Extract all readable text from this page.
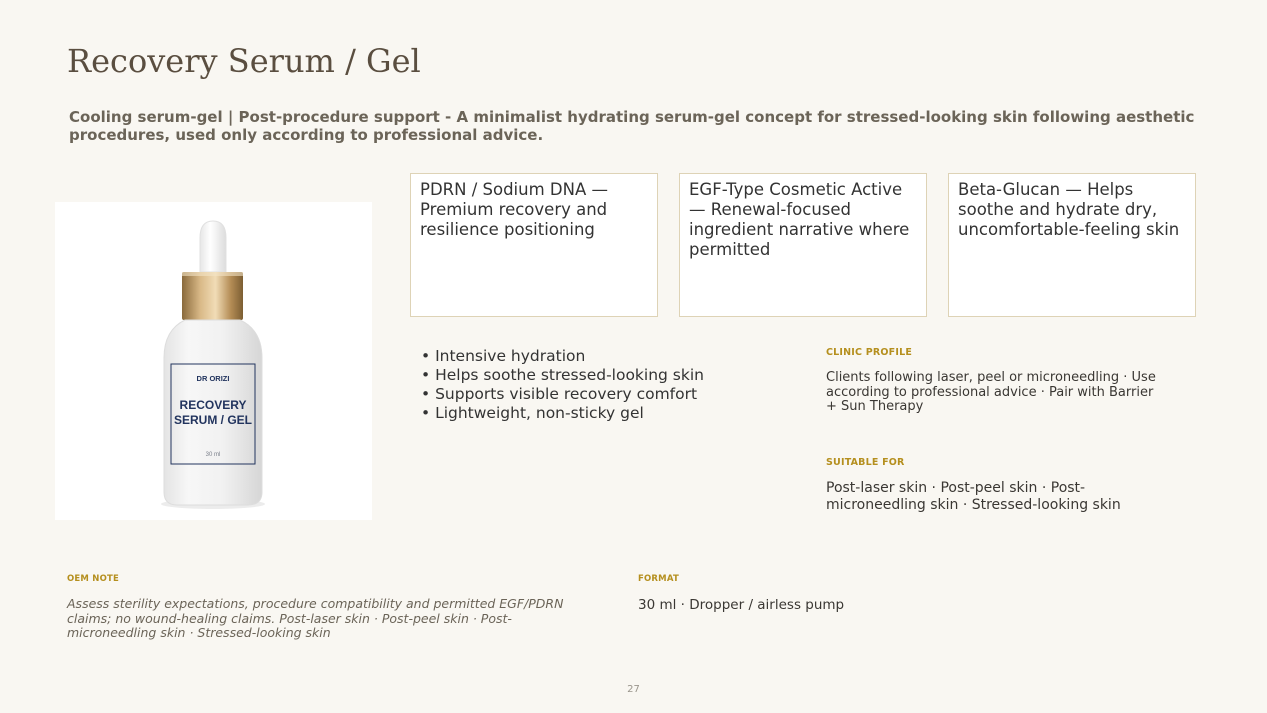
Recovery Serum / Gel

Cooling serum-gel | Post-procedure support - A minimalist hydrating serum-gel concept for stressed-looking skin following aesthetic procedures, used only according to professional advice.

DR ORIZI
RECOVERY
SERUM / GEL
30 ml
PDRN / Sodium DNA — Premium recovery and resilience positioning
EGF-Type Cosmetic Active — Renewal-focused ingredient narrative where permitted
Beta-Glucan — Helps soothe and hydrate dry, uncomfortable-feeling skin
• Intensive hydration
• Helps soothe stressed-looking skin
• Supports visible recovery comfort
• Lightweight, non-sticky gel
CLINIC PROFILE
Clients following laser, peel or microneedling · Use according to professional advice · Pair with Barrier + Sun Therapy
SUITABLE FOR
Post-laser skin · Post-peel skin · Post-microneedling skin · Stressed-looking skin
OEM NOTE
Assess sterility expectations, procedure compatibility and permitted EGF/PDRN claims; no wound-healing claims. Post-laser skin · Post-peel skin · Post-microneedling skin · Stressed-looking skin
FORMAT
30 ml · Dropper / airless pump
27
